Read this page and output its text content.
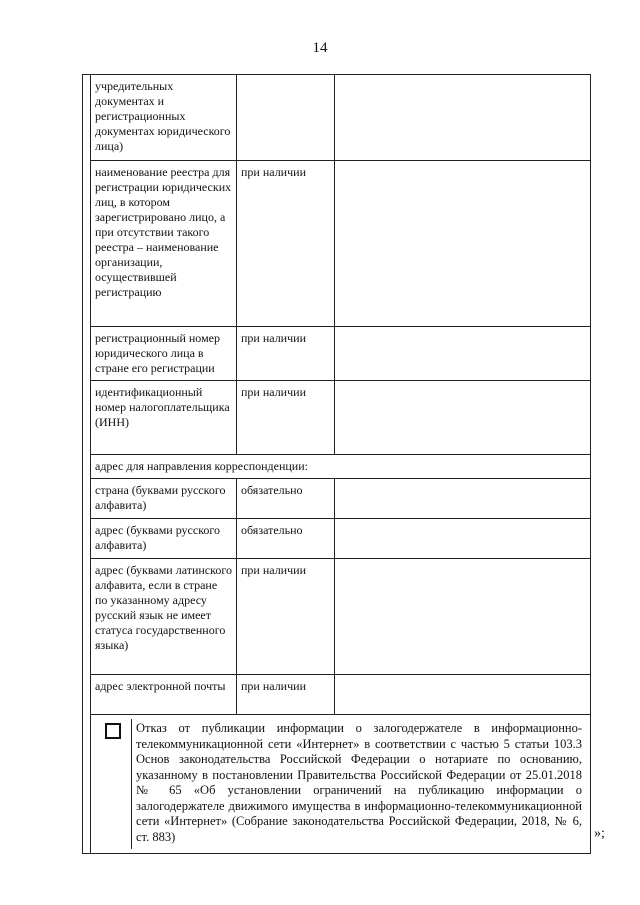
14
	учредительных документах и регистрационных документах юридического лица)		
	наименование реестра для регистрации юридических лиц, в котором зарегистрировано лицо, а при отсутствии такого реестра – наименование организации, осуществившей регистрацию	при наличии	
	регистрационный номер юридического лица в стране его регистрации	при наличии	
	идентификационный номер налогоплательщика (ИНН)	при наличии	
	адрес для направления корреспонденции:		
	страна (буквами русского алфавита)	обязательно	
	адрес (буквами русского алфавита)	обязательно	
	адрес (буквами латинского алфавита, если в стране по указанному адресу русский язык не имеет статуса государственного языка)	при наличии	
	адрес электронной почты	при наличии	

	Отказ от публикации информации о залогодержателе в информационно-телекоммуникационной сети «Интернет» в соответствии с частью 5 статьи 103.3 Основ законодательства Российской Федерации о нотариате по основанию, указанному в постановлении Правительства Российской Федерации от 25.01.2018 № 65 «Об установлении ограничений на публикацию информации о залогодержателе движимого имущества в информационно-телекоммуникационной сети «Интернет» (Собрание законодательства Российской Федерации, 2018, № 6, ст. 883)			»;
